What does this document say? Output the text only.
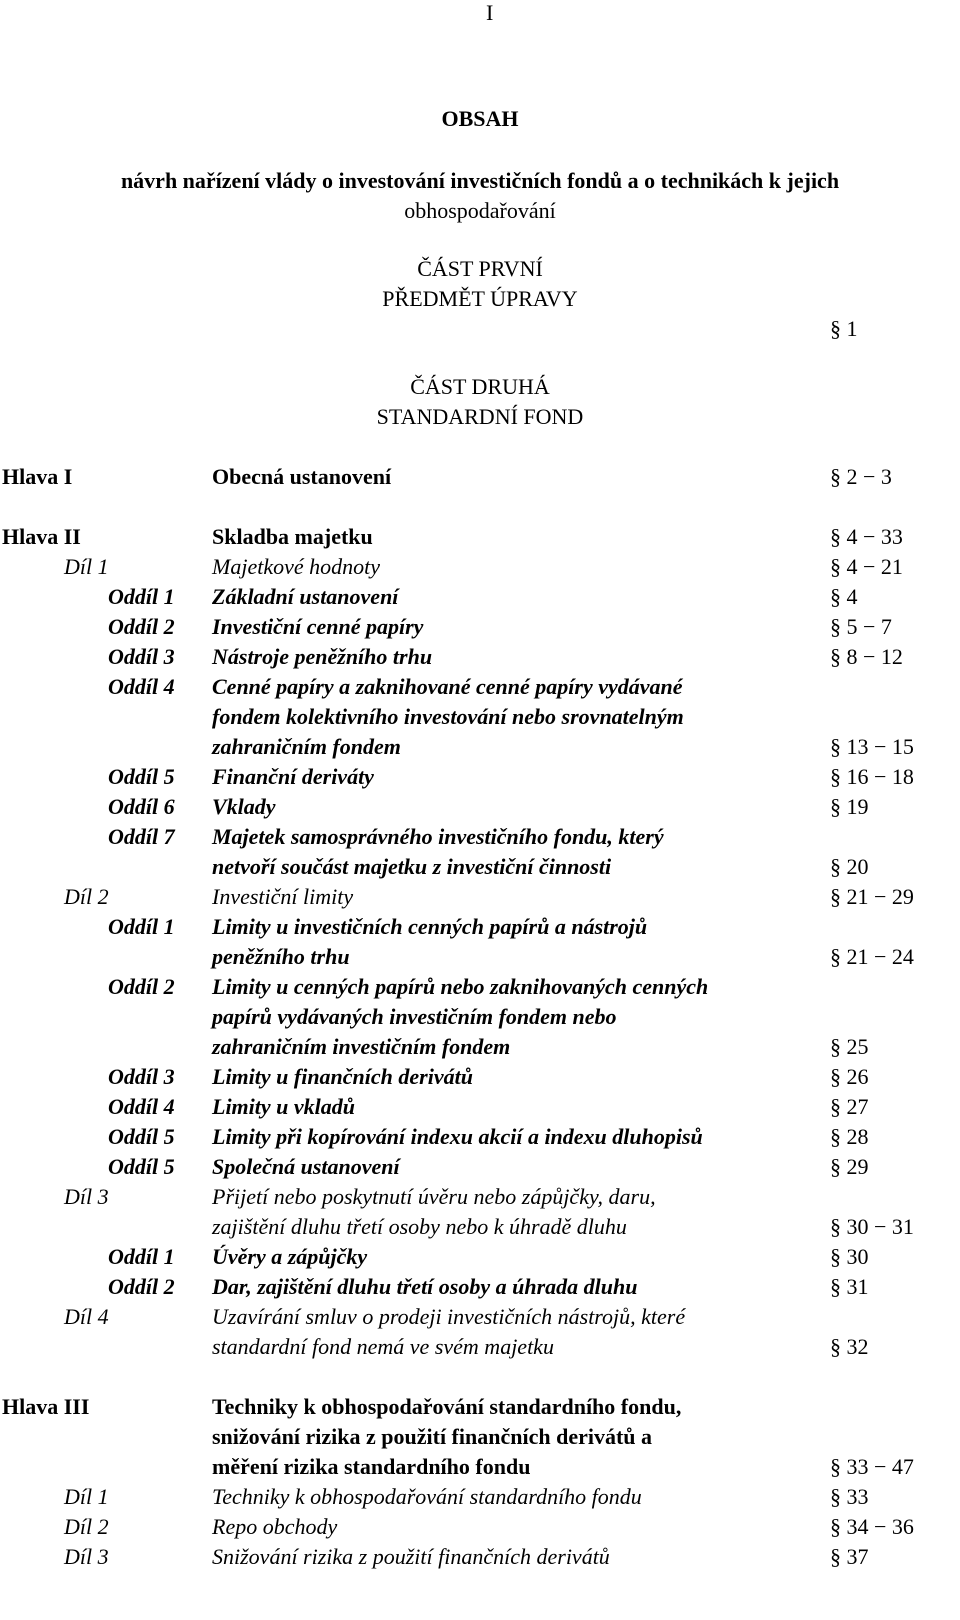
I
OBSAH
návrh nařízení vlády o investování investičních fondů a o technikách k jejich
obhospodařování
ČÁST PRVNÍ
PŘEDMĚT ÚPRAVY
§ 1
ČÁST DRUHÁ
STANDARDNÍ FOND
Hlava I	Obecná ustanovení	§ 2 − 3
Hlava II	Skladba majetku	§ 4 − 33
Díl 1	Majetkové hodnoty	§ 4 − 21
Oddíl 1 Základní ustanovení	§ 4
Oddíl 2 Investiční cenné papíry	§ 5 − 7
Oddíl 3 Nástroje peněžního trhu	§ 8 − 12
Oddíl 4 Cenné papíry a zaknihované cenné papíry vydávané
fondem kolektivního investování nebo srovnatelným
zahraničním fondem	§ 13 − 15
Oddíl 5 Finanční deriváty	§ 16 − 18
Oddíl 6 Vklady	§ 19
Oddíl 7 Majetek samosprávného investičního fondu, který
netvoří součást majetku z investiční činnosti	§ 20
Díl 2	Investiční limity	§ 21 − 29
Oddíl 1 Limity u investičních cenných papírů a nástrojů
peněžního trhu	§ 21 − 24
Oddíl 2 Limity u cenných papírů nebo zaknihovaných cenných
papírů vydávaných investičním fondem nebo
zahraničním investičním fondem	§ 25
Oddíl 3 Limity u finančních derivátů	§ 26
Oddíl 4 Limity u vkladů	§ 27
Oddíl 5 Limity při kopírování indexu akcií a indexu dluhopisů	§ 28
Oddíl 5 Společná ustanovení	§ 29
Díl 3	Přijetí nebo poskytnutí úvěru nebo zápůjčky, daru,
zajištění dluhu třetí osoby nebo k úhradě dluhu	§ 30 − 31
Oddíl 1 Úvěry a zápůjčky	§ 30
Oddíl 2 Dar, zajištění dluhu třetí osoby a úhrada dluhu	§ 31
Díl 4	Uzavírání smluv o prodeji investičních nástrojů, které
standardní fond nemá ve svém majetku	§ 32
Hlava III	Techniky k obhospodařování standardního fondu,
snižování rizika z použití finančních derivátů a
měření rizika standardního fondu	§ 33 − 47
Díl 1	Techniky k obhospodařování standardního fondu	§ 33
Díl 2	Repo obchody	§ 34 − 36
Díl 3	Snižování rizika z použití finančních derivátů	§ 37
